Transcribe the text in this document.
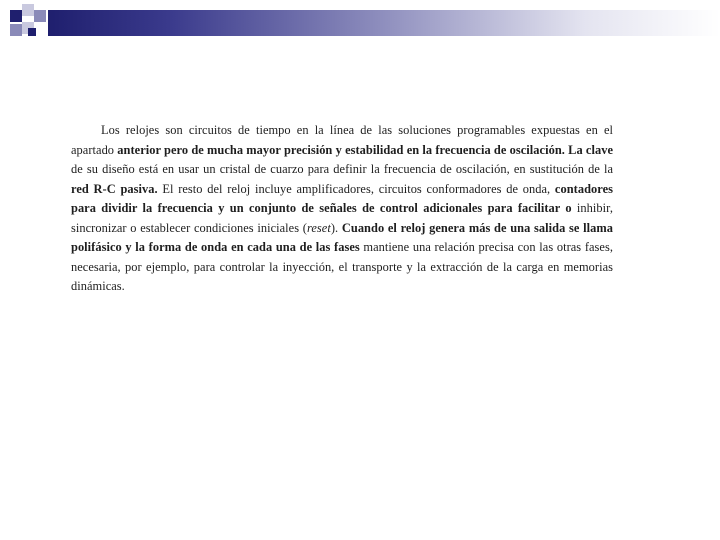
Los relojes son circuitos de tiempo en la línea de las soluciones programables expuestas en el apartado anterior pero de mucha mayor precisión y estabilidad en la frecuencia de oscilación. La clave de su diseño está en usar un cristal de cuarzo para definir la frecuencia de oscilación, en sustitución de la red R-C pasiva. El resto del reloj incluye amplificadores, circuitos conformadores de onda, contadores para dividir la frecuencia y un conjunto de señales de control adicionales para facilitar o inhibir, sincronizar o establecer condiciones iniciales (reset). Cuando el reloj genera más de una salida se llama polifásico y la forma de onda en cada una de las fases mantiene una relación precisa con las otras fases, necesaria, por ejemplo, para controlar la inyección, el transporte y la extracción de la carga en memorias dinámicas.
